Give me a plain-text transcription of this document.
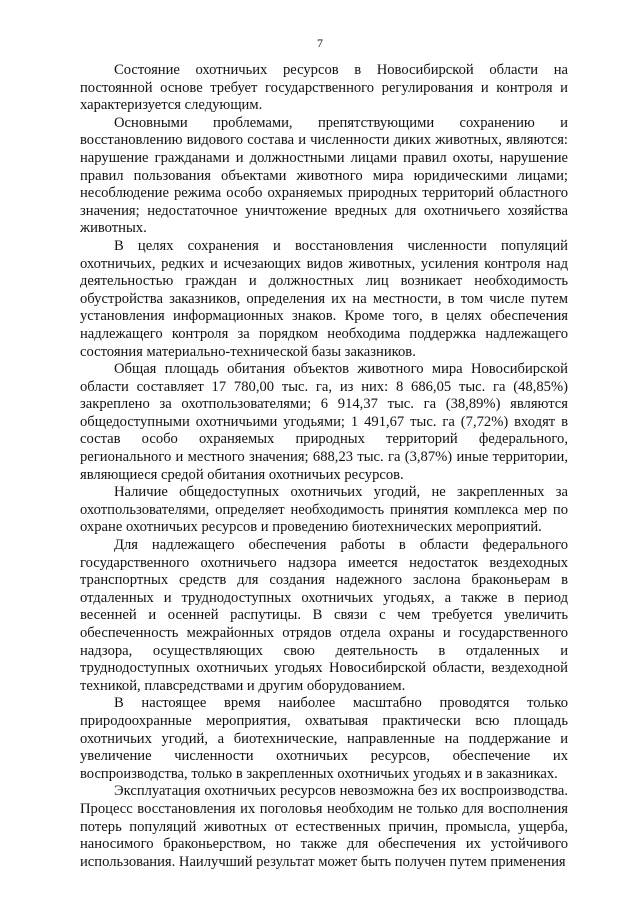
7

Состояние охотничьих ресурсов в Новосибирской области на постоянной основе требует государственного регулирования и контроля и характеризуется следующим.

Основными проблемами, препятствующими сохранению и восстановлению видового состава и численности диких животных, являются: нарушение гражданами и должностными лицами правил охоты, нарушение правил пользования объектами животного мира юридическими лицами; несоблюдение режима особо охраняемых природных территорий областного значения; недостаточное уничтожение вредных для охотничьего хозяйства животных.

В целях сохранения и восстановления численности популяций охотничьих, редких и исчезающих видов животных, усиления контроля над деятельностью граждан и должностных лиц возникает необходимость обустройства заказников, определения их на местности, в том числе путем установления информационных знаков. Кроме того, в целях обеспечения надлежащего контроля за порядком необходима поддержка надлежащего состояния материально-технической базы заказников.

Общая площадь обитания объектов животного мира Новосибирской области составляет 17 780,00 тыс. га, из них: 8 686,05 тыс. га (48,85%) закреплено за охотпользователями; 6 914,37 тыс. га (38,89%) являются общедоступными охотничьими угодьями; 1 491,67 тыс. га (7,72%) входят в состав особо охраняемых природных территорий федерального, регионального и местного значения; 688,23 тыс. га (3,87%) иные территории, являющиеся средой обитания охотничьих ресурсов.

Наличие общедоступных охотничьих угодий, не закрепленных за охотпользователями, определяет необходимость принятия комплекса мер по охране охотничьих ресурсов и проведению биотехнических мероприятий.

Для надлежащего обеспечения работы в области федерального государственного охотничьего надзора имеется недостаток вездеходных транспортных средств для создания надежного заслона браконьерам в отдаленных и труднодоступных охотничьих угодьях, а также в период весенней и осенней распутицы. В связи с чем требуется увеличить обеспеченность межрайонных отрядов отдела охраны и государственного надзора, осуществляющих свою деятельность в отдаленных и труднодоступных охотничьих угодьях Новосибирской области, вездеходной техникой, плавсредствами и другим оборудованием.

В настоящее время наиболее масштабно проводятся только природоохранные мероприятия, охватывая практически всю площадь охотничьих угодий, а биотехнические, направленные на поддержание и увеличение численности охотничьих ресурсов, обеспечение их воспроизводства, только в закрепленных охотничьих угодьях и в заказниках.

Эксплуатация охотничьих ресурсов невозможна без их воспроизводства. Процесс восстановления их поголовья необходим не только для восполнения потерь популяций животных от естественных причин, промысла, ущерба, наносимого браконьерством, но также для обеспечения их устойчивого использования. Наилучший результат может быть получен путем применения
